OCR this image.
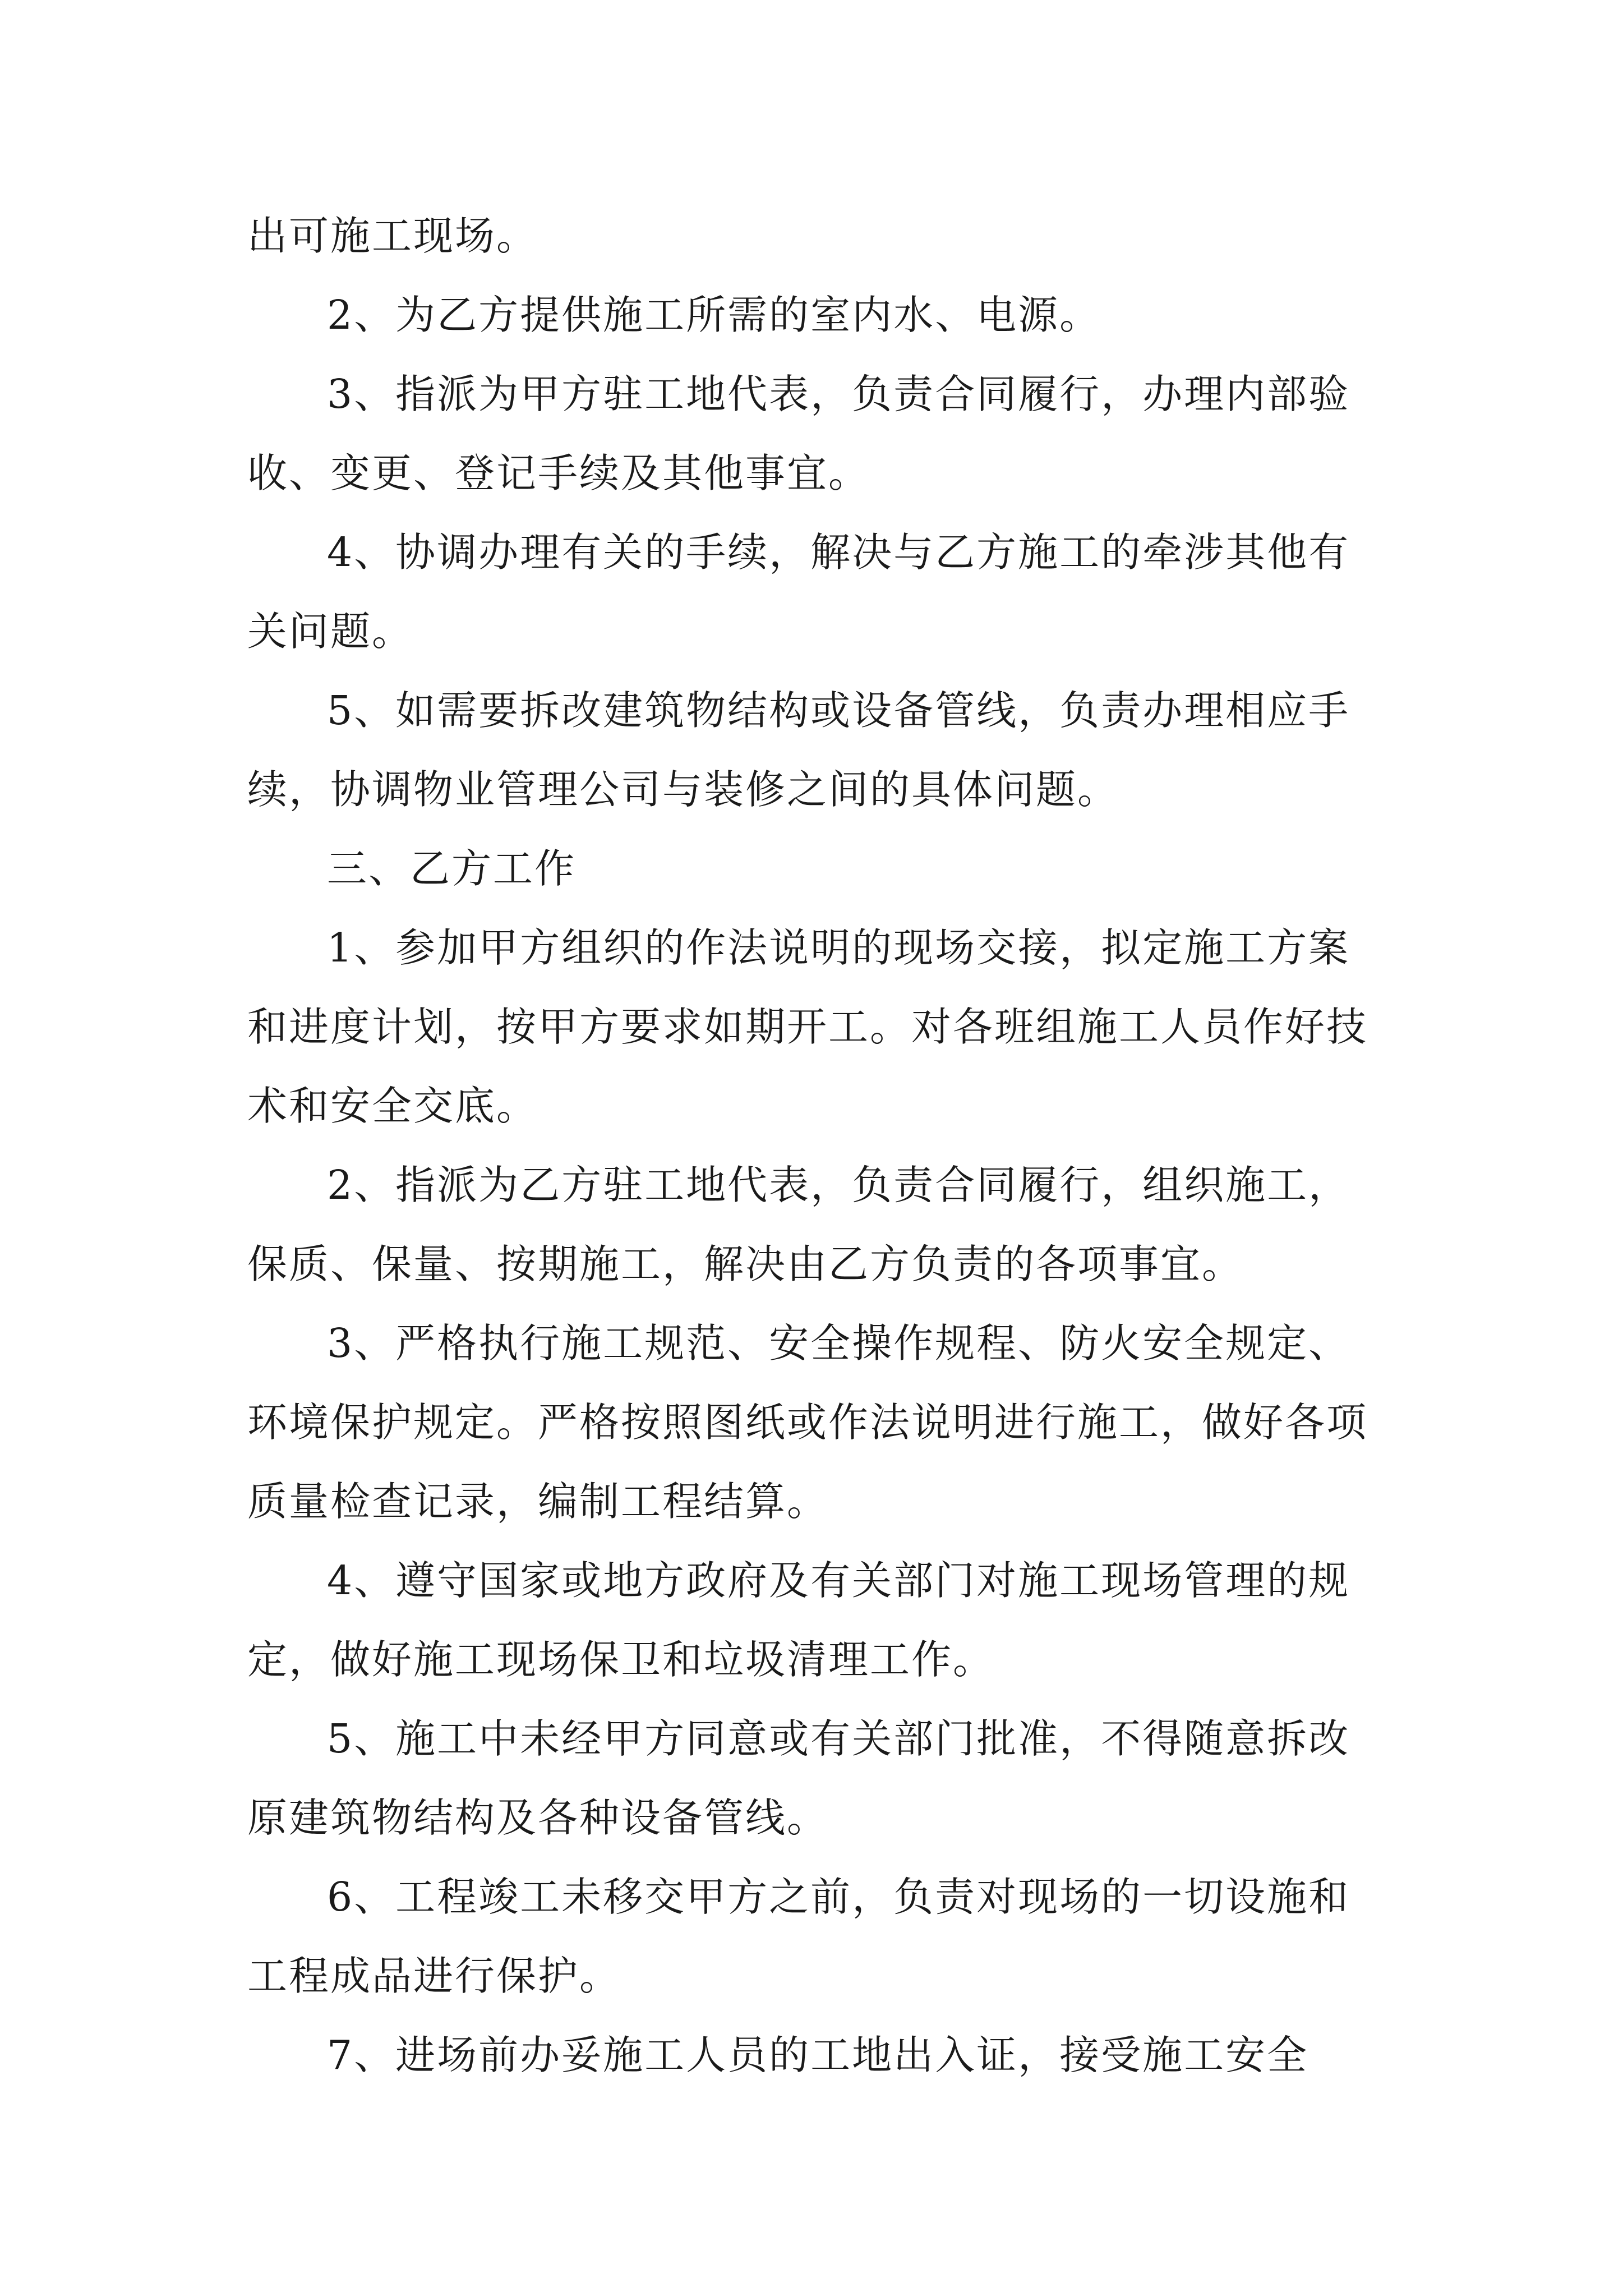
出可施工现场。

2、为乙方提供施工所需的室内水、电源。

3、指派为甲方驻工地代表，负责合同履行，办理内部验收、变更、登记手续及其他事宜。

4、协调办理有关的手续，解决与乙方施工的牵涉其他有关问题。

5、如需要拆改建筑物结构或设备管线，负责办理相应手续，协调物业管理公司与装修之间的具体问题。

三、乙方工作

1、参加甲方组织的作法说明的现场交接，拟定施工方案和进度计划，按甲方要求如期开工。对各班组施工人员作好技术和安全交底。

2、指派为乙方驻工地代表，负责合同履行，组织施工，保质、保量、按期施工，解决由乙方负责的各项事宜。

3、严格执行施工规范、安全操作规程、防火安全规定、环境保护规定。严格按照图纸或作法说明进行施工，做好各项质量检查记录，编制工程结算。

4、遵守国家或地方政府及有关部门对施工现场管理的规定，做好施工现场保卫和垃圾清理工作。

5、施工中未经甲方同意或有关部门批准，不得随意拆改原建筑物结构及各种设备管线。

6、工程竣工未移交甲方之前，负责对现场的一切设施和工程成品进行保护。

7、进场前办妥施工人员的工地出入证，接受施工安全
